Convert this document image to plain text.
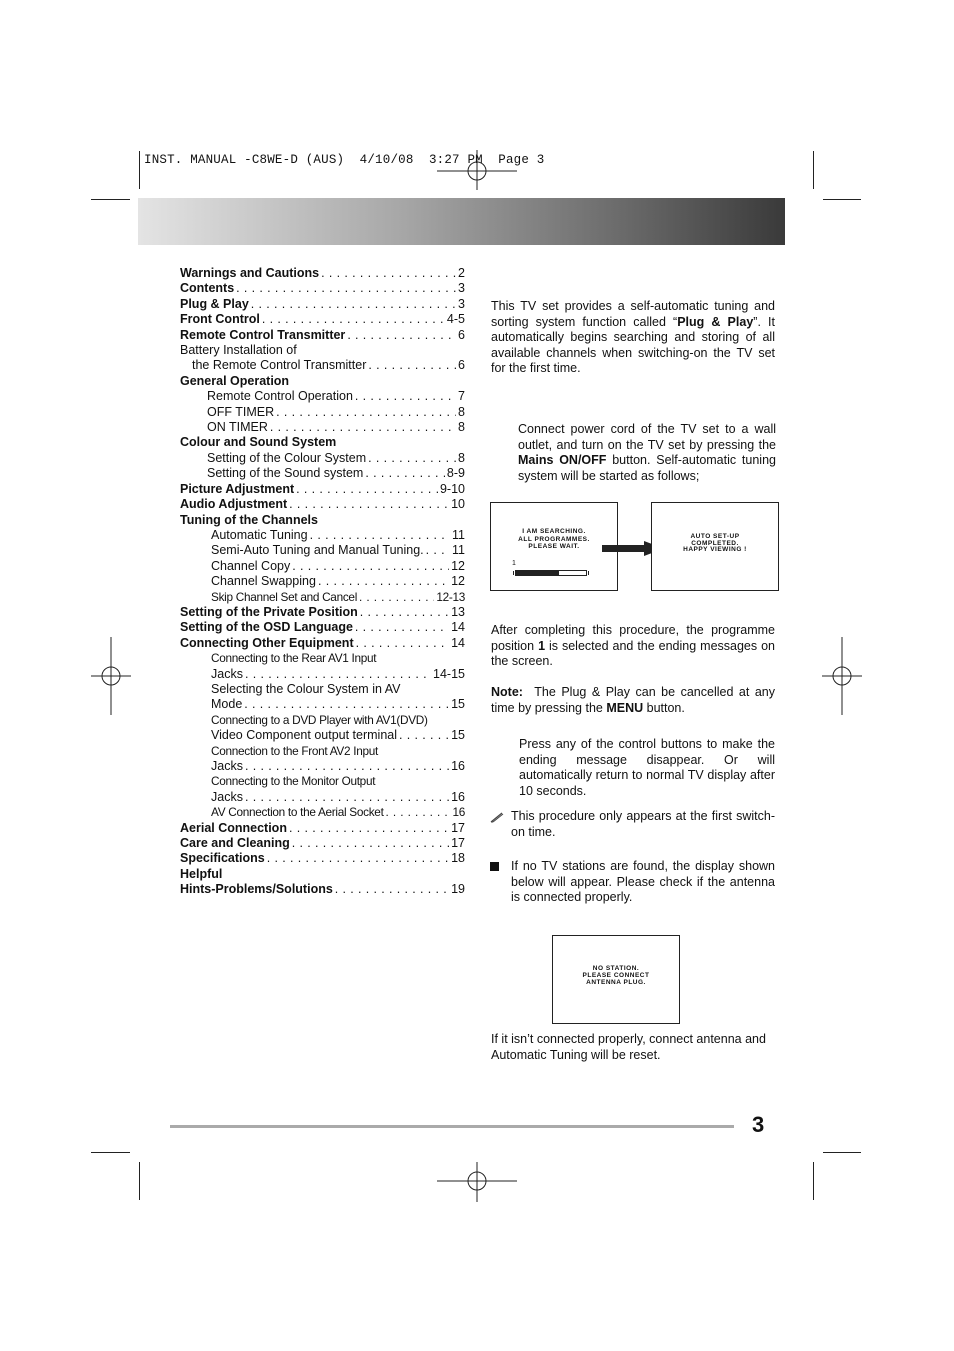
INST. MANUAL -C8WE-D (AUS)  4/10/08  3:27 PM  Page 3
Warnings and Cautions . . .	2
Contents . . .	3
Plug & Play . . .	3
Front Control . . .	4-5
Remote Control Transmitter . . .	6
Battery Installation of
the Remote Control Transmitter . . .	6
General Operation
Remote Control Operation . . .	7
OFF TIMER . . .	8
ON TIMER . . .	8
Colour and Sound System
Setting of the Colour System . . .	8
Setting of the Sound system . . .	8-9
Picture Adjustment . . .	9-10
Audio Adjustment . . .	10
Tuning of the Channels
Automatic Tuning . . .	11
Semi-Auto Tuning and Manual Tuning. . . . 11
Channel Copy . . .	12
Channel Swapping . . .	12
Skip Channel Set and Cancel . . .	12-13
Setting of the Private Position . . .	13
Setting of the OSD Language . . .	14
Connecting Other Equipment . . .	14
Connecting to the Rear AV1 Input
Jacks . . .	14-15
Selecting the Colour System in AV
Mode . . .	15
Connecting to a DVD Player with AV1(DVD)
Video Component output terminal . . .	15
Connection to the Front AV2 Input
Jacks . . .	16
Connecting to the Monitor Output
Jacks . . .	16
AV Connection to the Aerial Socket . . .	16
Aerial Connection . . .	17
Care and Cleaning . . .	17
Specifications . . .	18
Helpful
Hints-Problems/Solutions . . .	19
This TV set provides a self-automatic tuning and sorting system function called “Plug & Play”. It automatically begins searching and storing of all available channels when switching-on the TV set for the first time.
Connect power cord of the TV set to a wall outlet, and turn on the TV set by pressing the Mains ON/OFF button. Self-automatic tuning system will be started as follows;
I AM SEARCHING.
ALL PROGRAMMES.
PLEASE WAIT.
1
AUTO SET-UP
COMPLETED.
HAPPY VIEWING !
After completing this procedure, the programme position 1 is selected and the ending messages on the screen.
Note: The Plug & Play can be cancelled at any time by pressing the MENU button.
Press any of the control buttons to make the ending message disappear. Or will automatically return to normal TV display after 10 seconds.
This procedure only appears at the first switch-on time.
If no TV stations are found, the display shown below will appear. Please check if the antenna is connected properly.
NO STATION.
PLEASE CONNECT
ANTENNA PLUG.
If it isn’t connected properly, connect antenna and Automatic Tuning will be reset.
3
